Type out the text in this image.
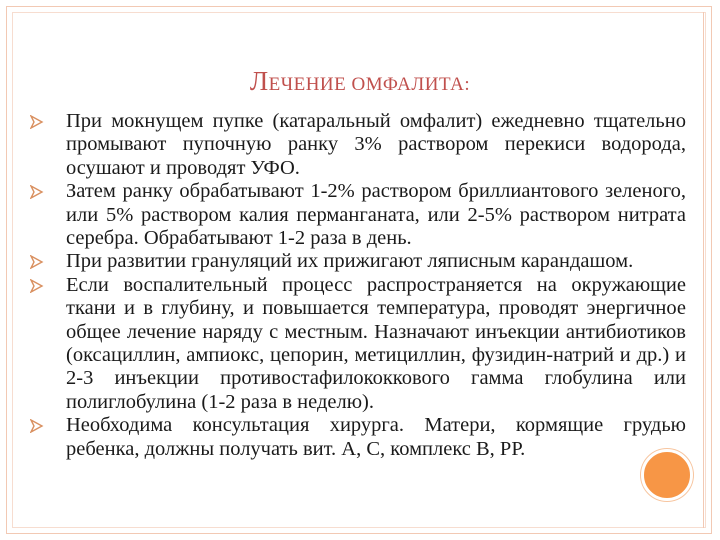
ЛЕЧЕНИЕ ОМФАЛИТА:
При мокнущем пупке (катаральный омфалит) ежедневно тщательно промывают пупочную ранку 3% раствором перекиси водорода, осушают и проводят УФО.
Затем ранку обрабатывают 1-2% раствором бриллиантового зеленого, или 5% раствором калия перманганата, или 2-5% раствором нитрата серебра. Обрабатывают 1-2 раза в день.
При развитии грануляций их прижигают ляписным карандашом.
Если воспалительный процесс распространяется на окружающие ткани и в глубину, и повышается температура, проводят энергичное общее лечение наряду с местным. Назначают инъекции антибиотиков (оксациллин, ампиокс, цепорин, метициллин, фузидин-натрий и др.) и 2-3 инъекции противостафилококкового гамма глобулина или полиглобулина (1-2 раза в неделю).
Необходима консультация хирурга. Матери, кормящие грудью ребенка, должны получать вит. А, С, комплекс В, РР.
